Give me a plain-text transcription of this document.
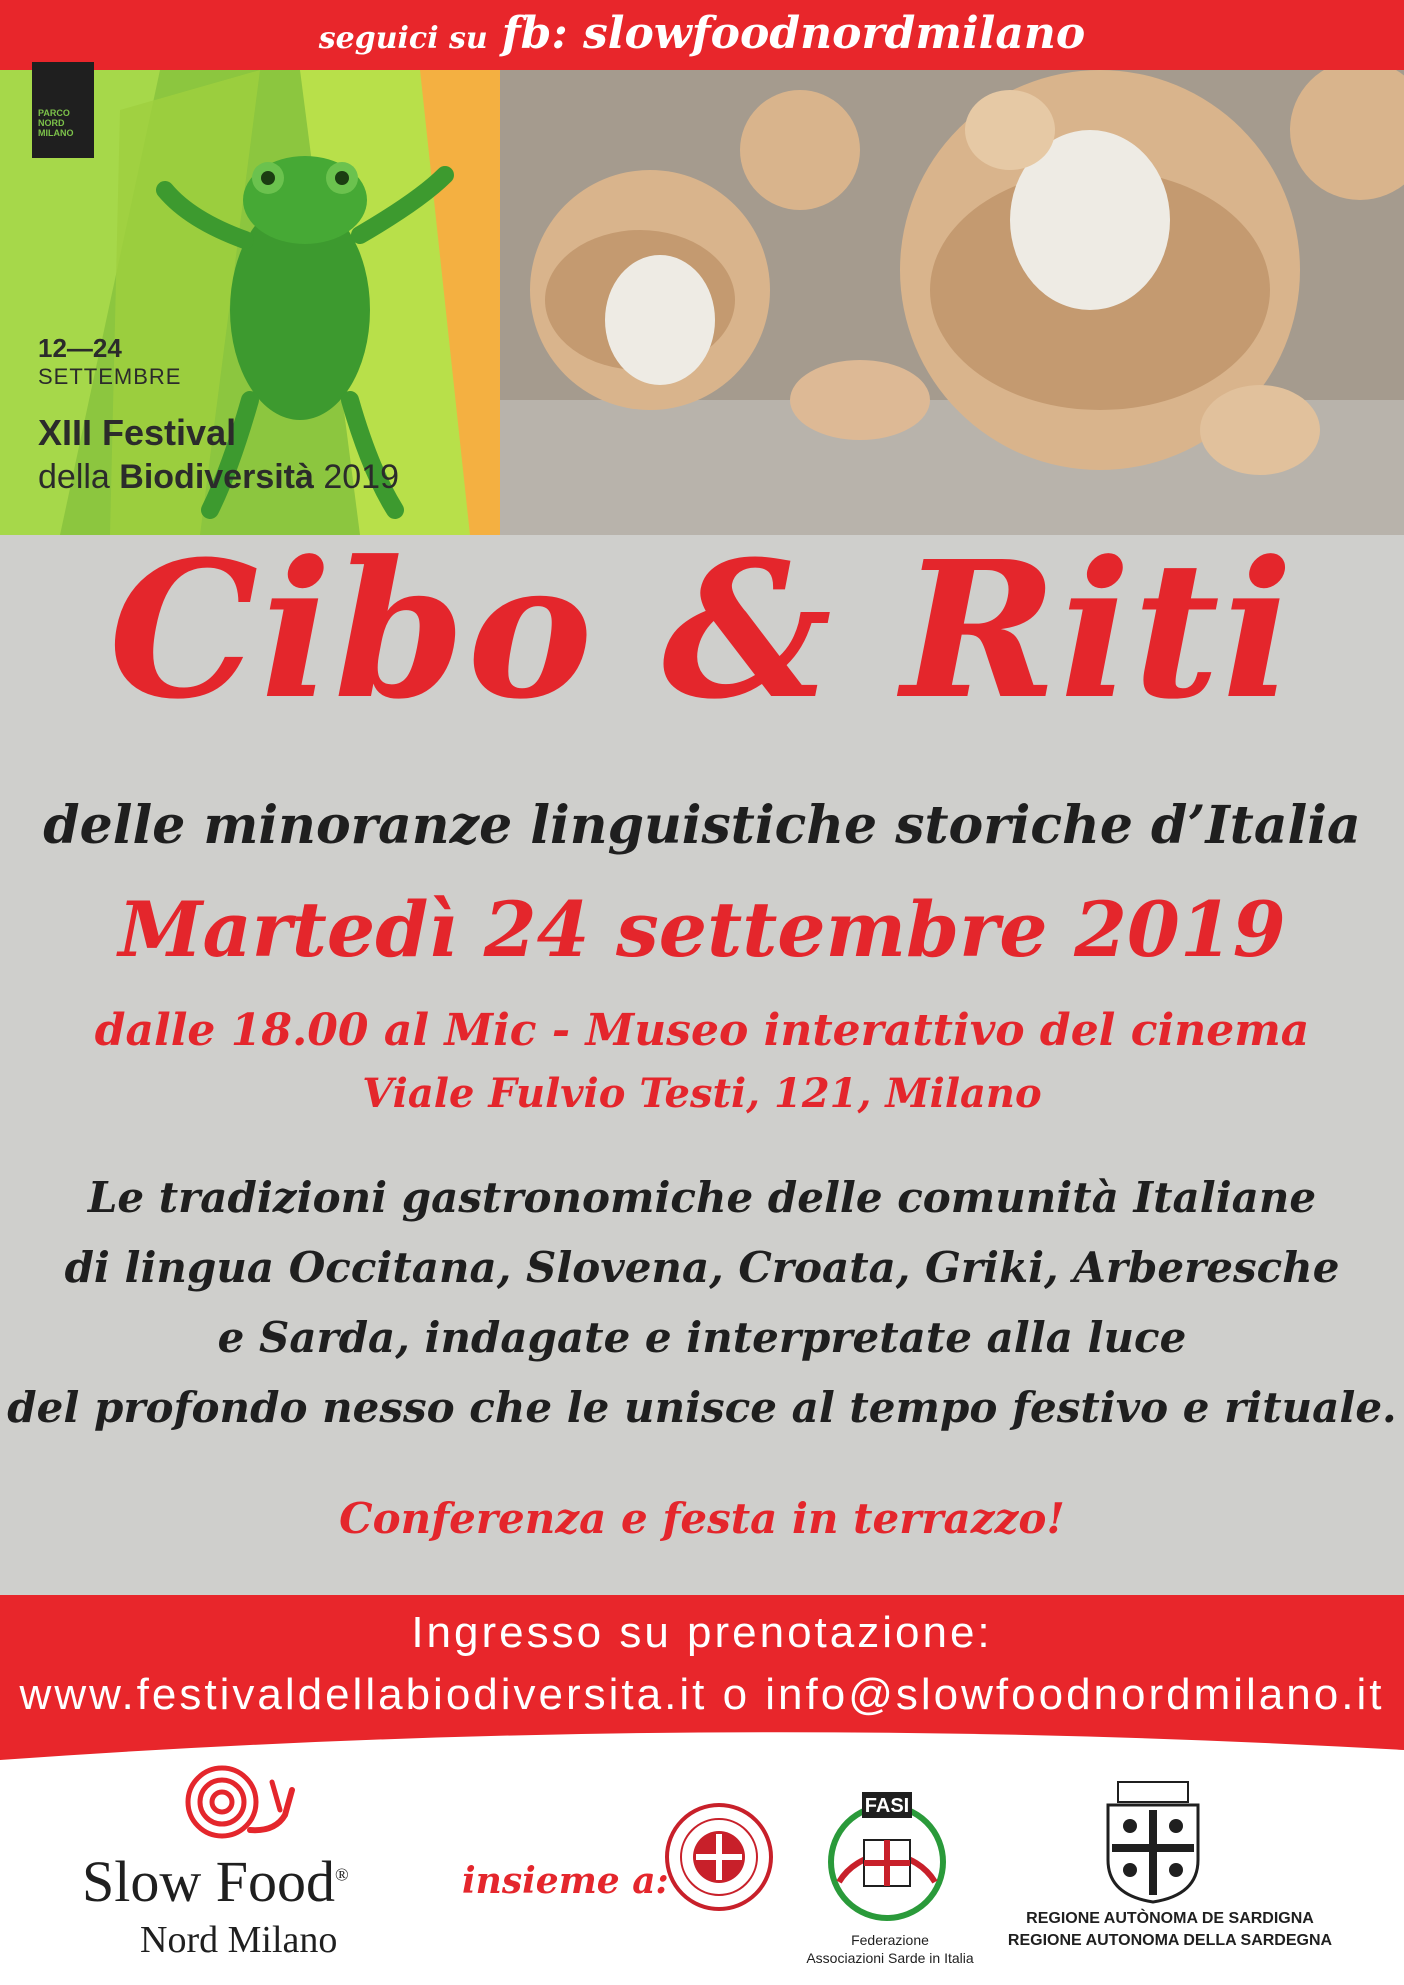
PARCO NORD MILANO
12—24
SETTEMBRE
XIII Festival
della Biodiversità 2019
seguici su fb: slowfoodnordmilano
Cibo & Riti
delle minoranze linguistiche storiche d’Italia
Martedì 24 settembre 2019
dalle 18.00 al Mic - Museo interattivo del cinema
Viale Fulvio Testi, 121, Milano
Le tradizioni gastronomiche delle comunità Italiane
di lingua Occitana, Slovena, Croata, Griki, Arberesche
e Sarda, indagate e interpretate alla luce
del profondo nesso che le unisce al tempo festivo e rituale.
Conferenza e festa in terrazzo!
Ingresso su prenotazione:
www.festivaldellabiodiversita.it o info@slowfoodnordmilano.it
Slow Food®
Nord Milano
insieme a:
FASI
Federazione
Associazioni Sarde in Italia
REGIONE AUTÒNOMA DE SARDIGNA
REGIONE AUTONOMA DELLA SARDEGNA
